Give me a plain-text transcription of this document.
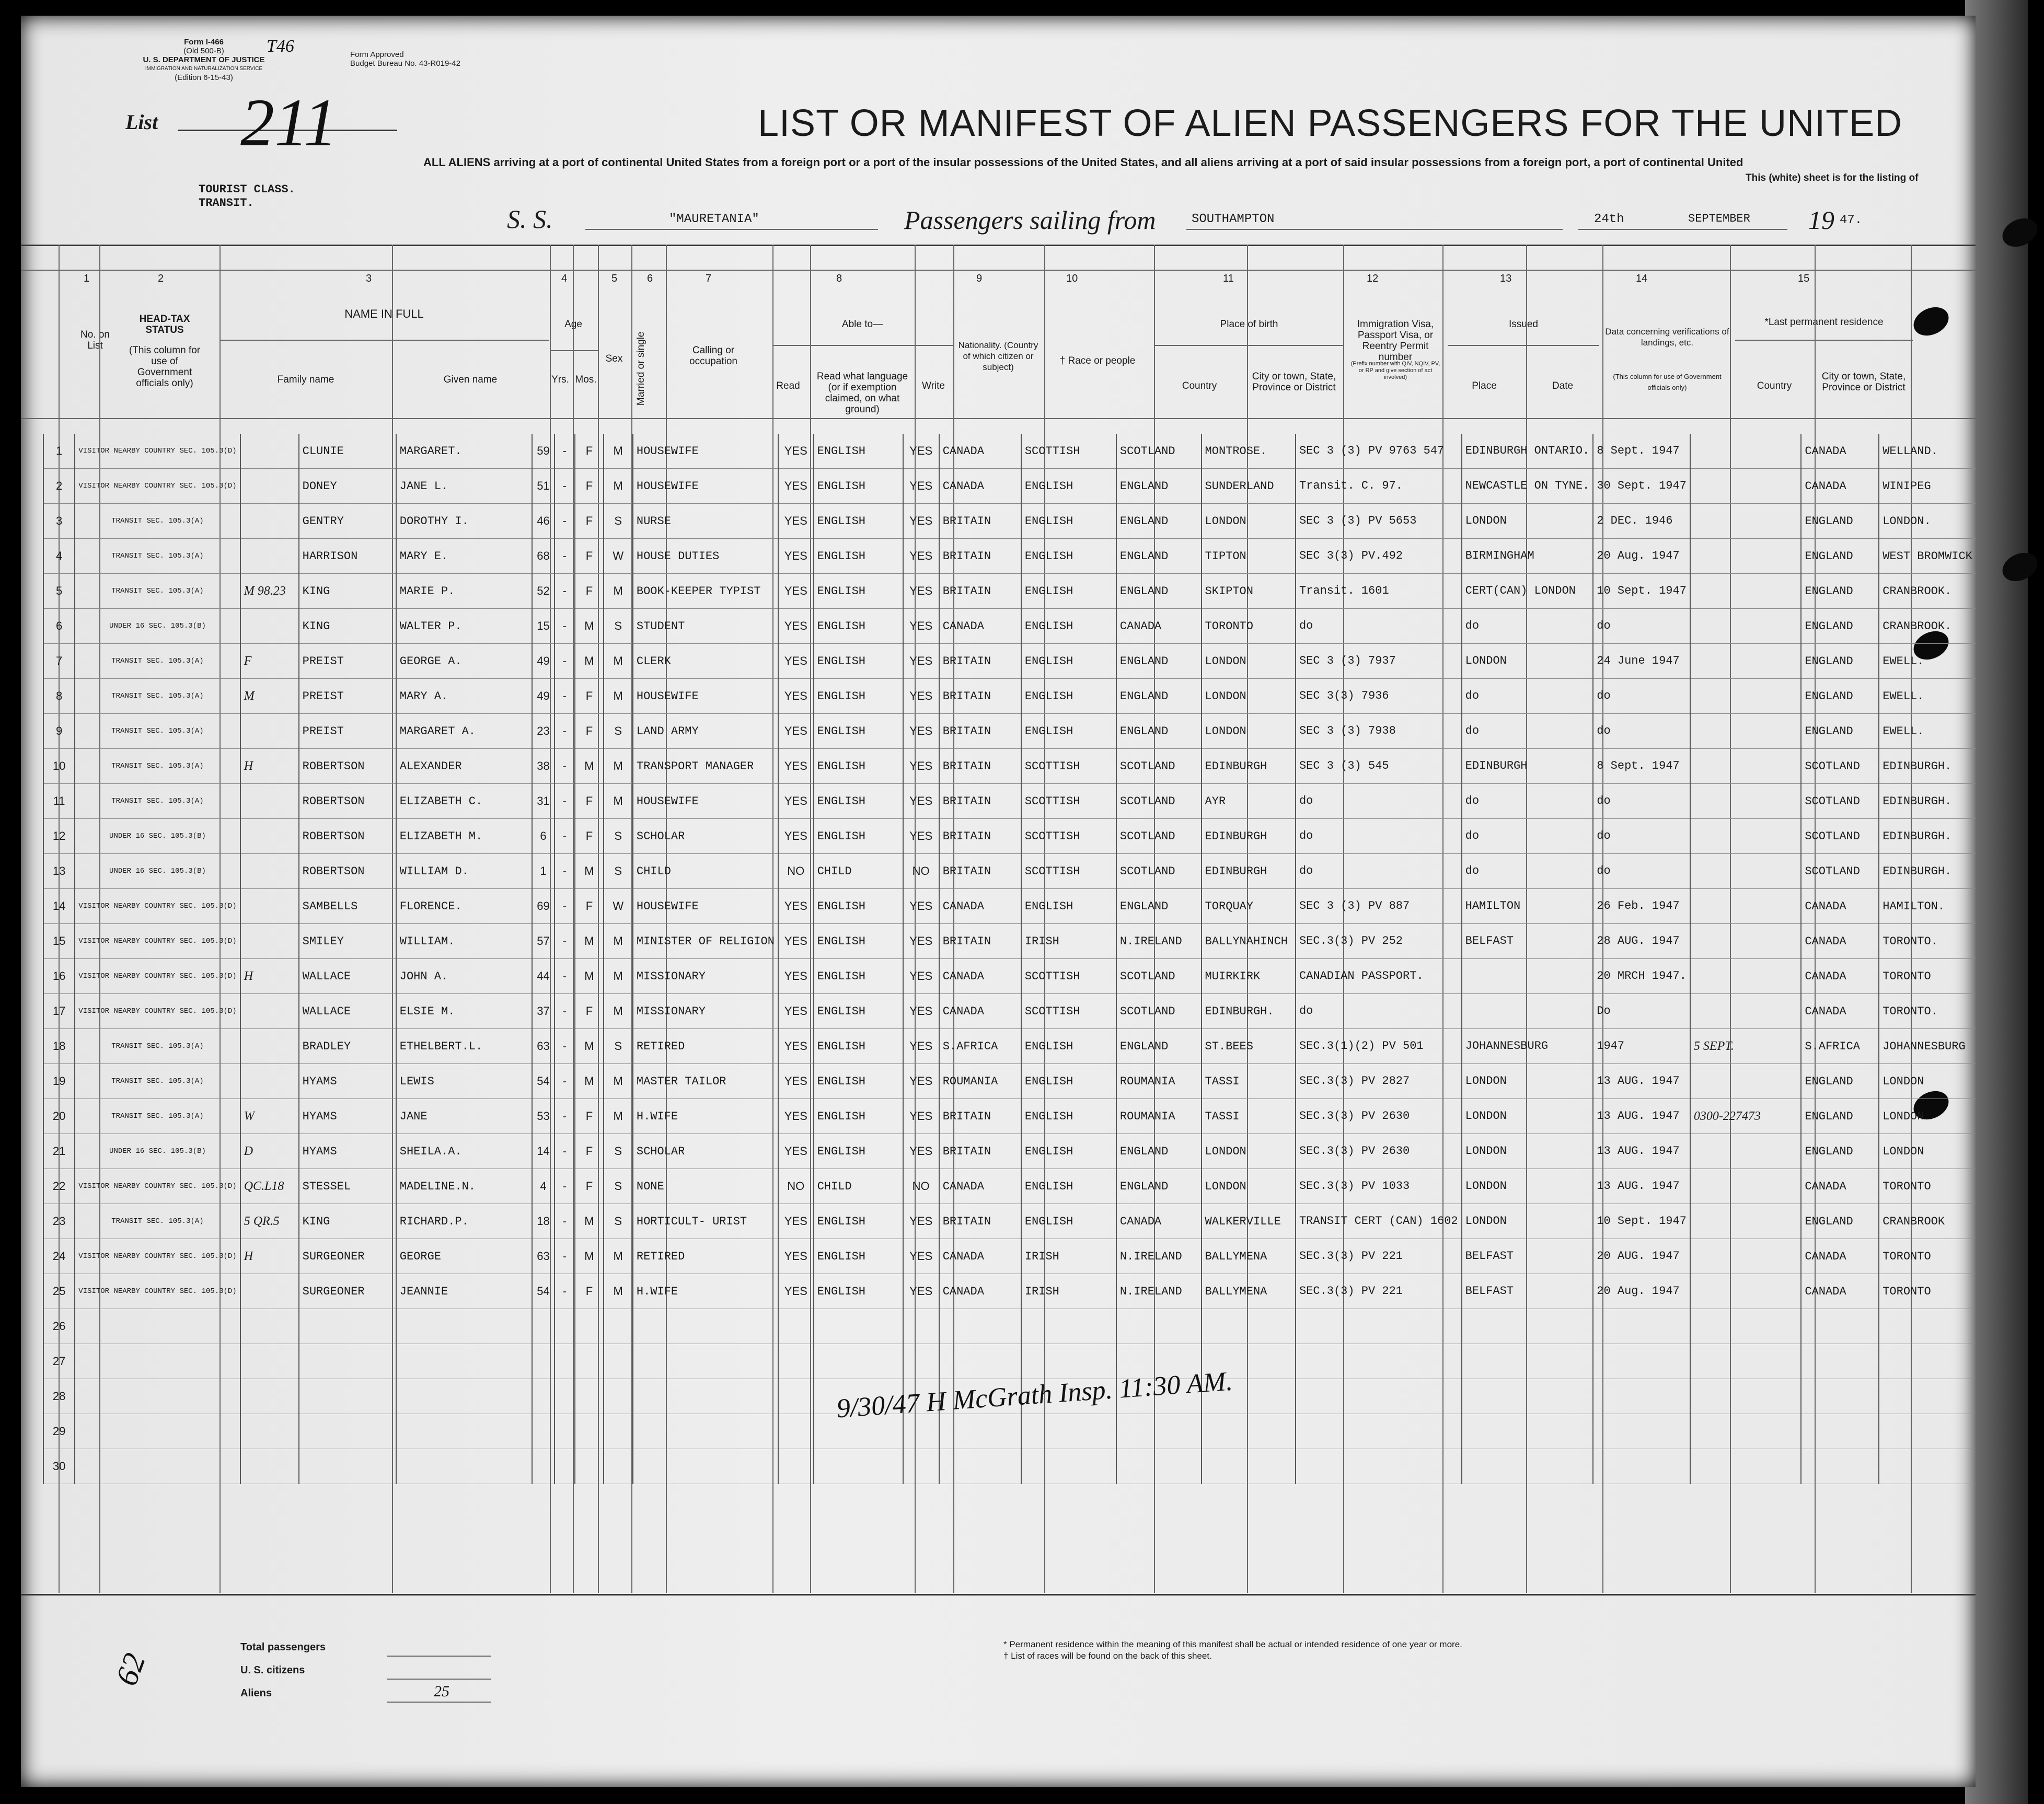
Form I-466
(Old 500-B)
U. S. DEPARTMENT OF JUSTICE
IMMIGRATION AND NATURALIZATION SERVICE
(Edition 6-15-43)
T46	Form Approved
Budget Bureau No. 43-R019-42
List 211	LIST OR MANIFEST OF ALIEN PASSENGERS FOR THE UNITED
ALL ALIENS arriving at a port of continental United States from a foreign port or a port of the insular possessions of the United States, and all aliens arriving at a port of said insular possessions from a foreign port, a port of continental United
This (white) sheet is for the listing of
TOURIST CLASS.
TRANSIT.
S. S.	"MAURETANIA"	Passengers sailing from	SOUTHAMPTON	24th	SEPTEMBER 19 47.
1	2	3	4	5	6	7	8	9	10	11	12	13	14	15
No. on List
HEAD-TAX STATUS
(This column for use of Government officials only)
NAME IN FULL
Family name	Given name
Age
Yrs. Mos.
Sex	Married or single	Calling or occupation
Able to—
Read
Read what language (or if exemption claimed, on what ground)
Write
Nationality. (Country of which citizen or subject)
† Race or people
Place of birth
Country
City or town, State, Province or District
Immigration Visa, Passport Visa, or Reentry Permit number
(Prefix number with QIV, NQIV, PV, or RP and give section of act involved)
Issued
Place	Date
Data concerning verifications of landings, etc.
(This column for use of Government officials only)
*Last permanent residence
Country
City or town, State, Province or District
1	VISITOR NEARBY COUNTRY SEC. 105.3(D)		CLUNIE	MARGARET.	59	-	F	M	HOUSEWIFE	YES	ENGLISH	YES	CANADA	SCOTTISH	SCOTLAND	MONTROSE.	SEC 3 (3) PV 9763 547	EDINBURGH ONTARIO.	8 Sept. 1947		CANADA	WELLAND.
2	VISITOR NEARBY COUNTRY SEC. 105.3(D)		DONEY	JANE L.	51	-	F	M	HOUSEWIFE	YES	ENGLISH	YES	CANADA	ENGLISH	ENGLAND	SUNDERLAND	Transit. C. 97.	NEWCASTLE ON TYNE.	30 Sept. 1947		CANADA	WINIPEG
3	TRANSIT SEC. 105.3(A)		GENTRY	DOROTHY I.	46	-	F	S	NURSE	YES	ENGLISH	YES	BRITAIN	ENGLISH	ENGLAND	LONDON	SEC 3 (3) PV 5653	LONDON	2 DEC. 1946		ENGLAND	LONDON.
4	TRANSIT SEC. 105.3(A)		HARRISON	MARY E.	68	-	F	W	HOUSE DUTIES	YES	ENGLISH	YES	BRITAIN	ENGLISH	ENGLAND	TIPTON	SEC 3(3) PV.492	BIRMINGHAM	20 Aug. 1947		ENGLAND	WEST BROMWICK
5	TRANSIT SEC. 105.3(A)	M 98.23	KING	MARIE P.	52	-	F	M	BOOK-KEEPER TYPIST	YES	ENGLISH	YES	BRITAIN	ENGLISH	ENGLAND	SKIPTON	Transit. 1601	CERT(CAN) LONDON	10 Sept. 1947		ENGLAND	CRANBROOK.
6	UNDER 16 SEC. 105.3(B)		KING	WALTER P.	15	-	M	S	STUDENT	YES	ENGLISH	YES	CANADA	ENGLISH	CANADA	TORONTO	do	do	do		ENGLAND	CRANBROOK.
7	TRANSIT SEC. 105.3(A)	F	PREIST	GEORGE A.	49	-	M	M	CLERK	YES	ENGLISH	YES	BRITAIN	ENGLISH	ENGLAND	LONDON	SEC 3 (3) 7937	LONDON	24 June 1947		ENGLAND	EWELL.
8	TRANSIT SEC. 105.3(A)	M	PREIST	MARY A.	49	-	F	M	HOUSEWIFE	YES	ENGLISH	YES	BRITAIN	ENGLISH	ENGLAND	LONDON	SEC 3(3) 7936	do	do		ENGLAND	EWELL.
9	TRANSIT SEC. 105.3(A)		PREIST	MARGARET A.	23	-	F	S	LAND ARMY	YES	ENGLISH	YES	BRITAIN	ENGLISH	ENGLAND	LONDON	SEC 3 (3) 7938	do	do		ENGLAND	EWELL.
10	TRANSIT SEC. 105.3(A)	H	ROBERTSON	ALEXANDER	38	-	M	M	TRANSPORT MANAGER	YES	ENGLISH	YES	BRITAIN	SCOTTISH	SCOTLAND	EDINBURGH	SEC 3 (3) 545	EDINBURGH	8 Sept. 1947		SCOTLAND	EDINBURGH.
11	TRANSIT SEC. 105.3(A)		ROBERTSON	ELIZABETH C.	31	-	F	M	HOUSEWIFE	YES	ENGLISH	YES	BRITAIN	SCOTTISH	SCOTLAND	AYR	do	do	do		SCOTLAND	EDINBURGH.
12	UNDER 16 SEC. 105.3(B)		ROBERTSON	ELIZABETH M.	6	-	F	S	SCHOLAR	YES	ENGLISH	YES	BRITAIN	SCOTTISH	SCOTLAND	EDINBURGH	do	do	do		SCOTLAND	EDINBURGH.
13	UNDER 16 SEC. 105.3(B)		ROBERTSON	WILLIAM D.	1	-	M	S	CHILD	NO	CHILD	NO	BRITAIN	SCOTTISH	SCOTLAND	EDINBURGH	do	do	do		SCOTLAND	EDINBURGH.
14	VISITOR NEARBY COUNTRY SEC. 105.3(D)		SAMBELLS	FLORENCE.	69	-	F	W	HOUSEWIFE	YES	ENGLISH	YES	CANADA	ENGLISH	ENGLAND	TORQUAY	SEC 3 (3) PV 887	HAMILTON	26 Feb. 1947		CANADA	HAMILTON.
15	VISITOR NEARBY COUNTRY SEC. 105.3(D)		SMILEY	WILLIAM.	57	-	M	M	MINISTER OF RELIGION	YES	ENGLISH	YES	BRITAIN	IRISH	N.IRELAND	BALLYNAHINCH	SEC.3(3) PV 252	BELFAST	28 AUG. 1947		CANADA	TORONTO.
16	VISITOR NEARBY COUNTRY SEC. 105.3(D)	H	WALLACE	JOHN A.	44	-	M	M	MISSIONARY	YES	ENGLISH	YES	CANADA	SCOTTISH	SCOTLAND	MUIRKIRK	CANADIAN PASSPORT.		20 MRCH 1947.		CANADA	TORONTO
17	VISITOR NEARBY COUNTRY SEC. 105.3(D)		WALLACE	ELSIE M.	37	-	F	M	MISSIONARY	YES	ENGLISH	YES	CANADA	SCOTTISH	SCOTLAND	EDINBURGH.	do		Do		CANADA	TORONTO.
18	TRANSIT SEC. 105.3(A)		BRADLEY	ETHELBERT.L.	63	-	M	S	RETIRED	YES	ENGLISH	YES	S.AFRICA	ENGLISH	ENGLAND	ST.BEES	SEC.3(1)(2) PV 501	JOHANNESBURG	1947	5 SEPT.	S.AFRICA	JOHANNESBURG
19	TRANSIT SEC. 105.3(A)		HYAMS	LEWIS	54	-	M	M	MASTER TAILOR	YES	ENGLISH	YES	ROUMANIA	ENGLISH	ROUMANIA	TASSI	SEC.3(3) PV 2827	LONDON	13 AUG. 1947		ENGLAND	LONDON
20	TRANSIT SEC. 105.3(A)	W	HYAMS	JANE	53	-	F	M	H.WIFE	YES	ENGLISH	YES	BRITAIN	ENGLISH	ROUMANIA	TASSI	SEC.3(3) PV 2630	LONDON	13 AUG. 1947	0300-227473	ENGLAND	LONDON
21	UNDER 16 SEC. 105.3(B)	D	HYAMS	SHEILA.A.	14	-	F	S	SCHOLAR	YES	ENGLISH	YES	BRITAIN	ENGLISH	ENGLAND	LONDON	SEC.3(3) PV 2630	LONDON	13 AUG. 1947		ENGLAND	LONDON
22	VISITOR NEARBY COUNTRY SEC. 105.3(D)	QC.L18	STESSEL	MADELINE.N.	4	-	F	S	NONE	NO	CHILD	NO	CANADA	ENGLISH	ENGLAND	LONDON	SEC.3(3) PV 1033	LONDON	13 AUG. 1947		CANADA	TORONTO
23	TRANSIT SEC. 105.3(A)	5 QR.5	KING	RICHARD.P.	18	-	M	S	HORTICULT- URIST	YES	ENGLISH	YES	BRITAIN	ENGLISH	CANADA	WALKERVILLE	TRANSIT CERT (CAN) 1602	LONDON	10 Sept. 1947		ENGLAND	CRANBROOK
24	VISITOR NEARBY COUNTRY SEC. 105.3(D)	H	SURGEONER	GEORGE	63	-	M	M	RETIRED	YES	ENGLISH	YES	CANADA	IRISH	N.IRELAND	BALLYMENA	SEC.3(3) PV 221	BELFAST	20 AUG. 1947		CANADA	TORONTO
25	VISITOR NEARBY COUNTRY SEC. 105.3(D)		SURGEONER	JEANNIE	54	-	F	M	H.WIFE	YES	ENGLISH	YES	CANADA	IRISH	N.IRELAND	BALLYMENA	SEC.3(3) PV 221	BELFAST	20 Aug. 1947		CANADA	TORONTO
26																						
27																						
28																						
29																						
30																						
9/30/47 H McGrath Insp. 11:30 AM.
62
Total passengers
U. S. citizens
Aliens	25
* Permanent residence within the meaning of this manifest shall be actual or intended residence of one year or more.
† List of races will be found on the back of this sheet.
